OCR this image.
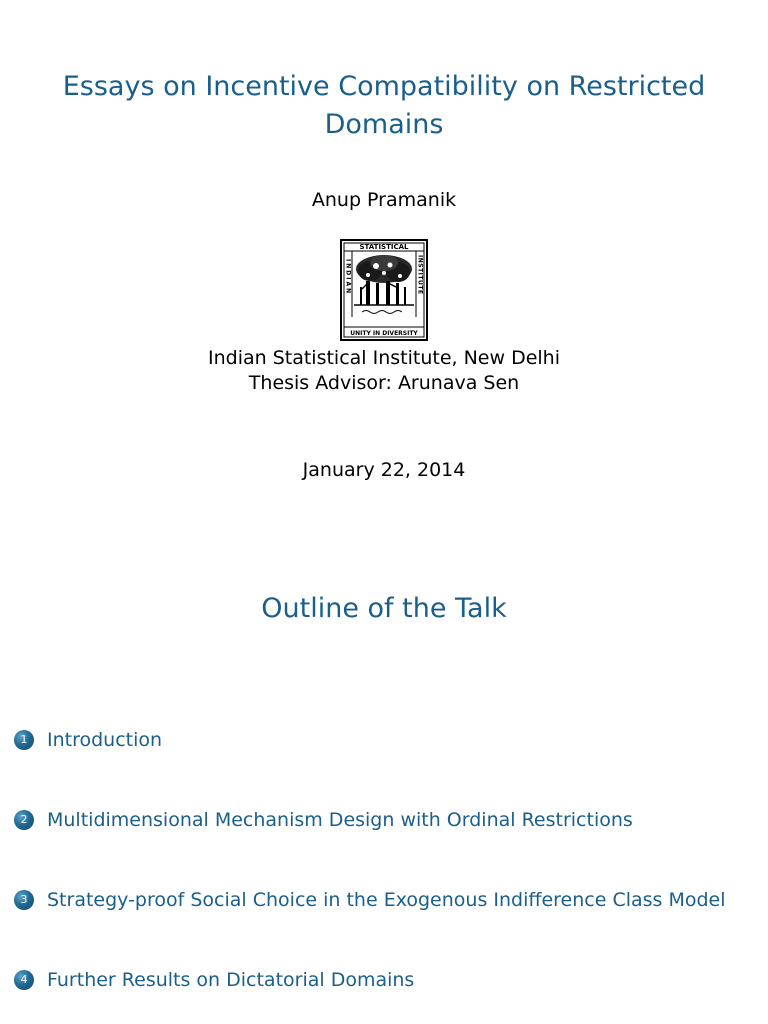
Essays on Incentive Compatibility on Restricted Domains
Anup Pramanik
STATISTICAL
UNITY IN DIVERSITY
INDIAN	INSTITUTE
Indian Statistical Institute, New Delhi
Thesis Advisor: Arunava Sen
January 22, 2014
Outline of the Talk
1	Introduction
2	Multidimensional Mechanism Design with Ordinal Restrictions
3	Strategy-proof Social Choice in the Exogenous Indifference Class Model
4	Further Results on Dictatorial Domains
